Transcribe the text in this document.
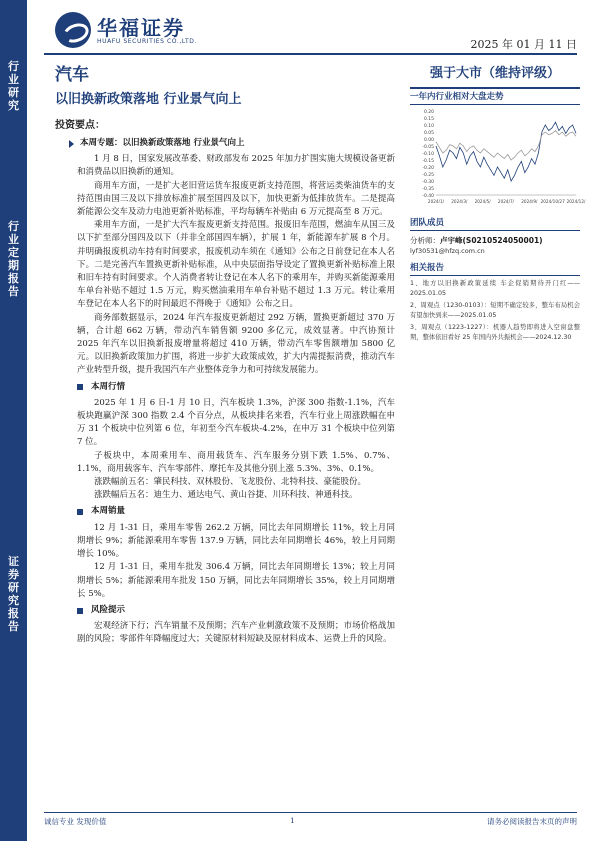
行
业
研
究
行
业
定
期
报
告
证
券
研
究
报
告
华福证券
HUAFU SECURITIES CO.,LTD.	2025 年 01 月 11 日
汽车
以旧换新政策落地 行业景气向上
投资要点：
强于大市（维持评级）
本周专题：以旧换新政策落地 行业景气向上

1 月 8 日，国家发展改革委、财政部发布 2025 年加力扩围实施大规模设备更新和消费品以旧换新的通知。

商用车方面，一是扩大老旧营运货车报废更新支持范围，将营运类柴油货车的支持范围由国三及以下排放标准扩展至国四及以下，加快更新为低排放货车。二是提高新能源公交车及动力电池更新补贴标准，平均每辆车补贴由 6 万元提高至 8 万元。

乘用车方面，一是扩大汽车报废更新支持范围。报废旧车范围，燃油车从国三及以下扩至部分国四及以下（并非全部国四车辆），扩展 1 年，新能源车扩展 8 个月。并明确报废机动车持有时间要求，报废机动车须在《通知》公布之日前登记在本人名下。二是完善汽车置换更新补贴标准，从中央层面指导设定了置换更新补贴标准上限和旧车持有时间要求。个人消费者转让登记在本人名下的乘用车，并购买新能源乘用车单台补贴不超过 1.5 万元，购买燃油乘用车单台补贴不超过 1.3 万元。转让乘用车登记在本人名下的时间最迟不得晚于《通知》公布之日。

商务部数据显示，2024 年汽车报废更新超过 292 万辆，置换更新超过 370 万辆，合计超 662 万辆，带动汽车销售额 9200 多亿元，成效显著。中汽协预计 2025 年汽车以旧换新报废增量将超过 410 万辆，带动汽车零售额增加 5800 亿元。以旧换新政策加力扩围，将进一步扩大政策成效，扩大内需提振消费，推动汽车产业转型升级，提升我国汽车产业整体竞争力和可持续发展能力。

本周行情

2025 年 1 月 6 日-1 月 10 日，汽车板块 1.3%，沪深 300 指数-1.1%，汽车板块跑赢沪深 300 指数 2.4 个百分点，从板块排名来看，汽车行业上周涨跌幅在申万 31 个板块中位列第 6 位，年初至今汽车板块-4.2%，在申万 31 个板块中位列第 7 位。

子板块中，本周乘用车、商用载货车、汽车服务分别下跌 1.5%、0.7%、1.1%，商用载客车、汽车零部件、摩托车及其他分别上涨 5.3%、3%、0.1%。

涨跌幅前五名：肇民科技、双林股份、飞龙股份、北特科技、豪能股份。

涨跌幅后五名：迪生力、通达电气、黄山谷捷、川环科技、神通科技。

本周销量

12 月 1-31 日，乘用车零售 262.2 万辆，同比去年同期增长 11%，较上月同期增长 9%；新能源乘用车零售 137.9 万辆，同比去年同期增长 46%，较上月同期增长 10%。

12 月 1-31 日，乘用车批发 306.4 万辆，同比去年同期增长 13%；较上月同期增长 5%；新能源乘用车批发 150 万辆，同比去年同期增长 35%，较上月同期增长 5%。

风险提示

宏观经济下行；汽车销量不及预期；汽车产业刺激政策不及预期；市场价格战加剧的风险；零部件年降幅度过大；关键原材料短缺及原材料成本、运费上升的风险。

一年内行业相对大盘走势
0.20
0.15
0.10
0.05
0.00
-0.05
-0.10
-0.15
-0.20
-0.25
-0.30
-0.35
-0.40
2024/1/ 2024/3/ 2024/5/ 2024/7/ 2024/9/ 2024/10/27 2024/12/
团队成员
分析师：卢宇峰(S0210524050001)
lyf30531@hfzq.com.cn
相关报告
1、地方以旧换新政策延续 车企促销期待开门红——2025.01.05
2、周观点（1230-0103）：短期不确定较多，整车布局机会有望加快到来——2025.01.05
3、周观点（1223-1227）：机器人趋势即将进入空窗盘整期，整体依旧看好 25 年国内外共振机会——2024.12.30
诚信专业 发现价值	1	请务必阅读报告末页的声明
